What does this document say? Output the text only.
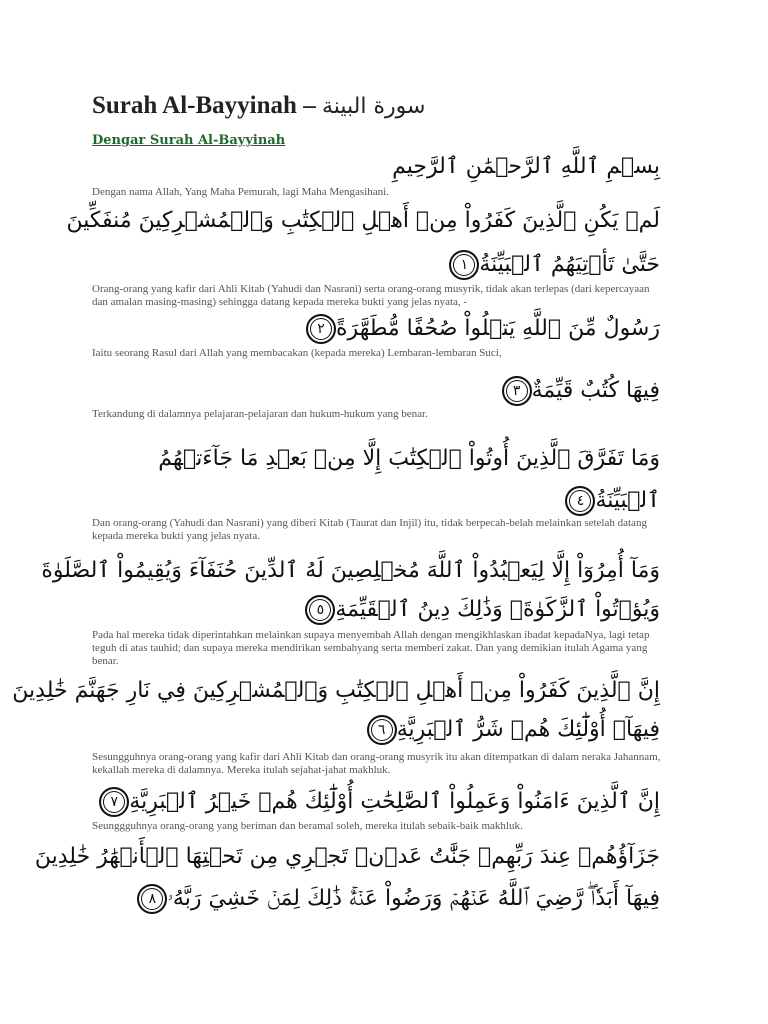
Surah Al-Bayyinah – سورة البينة
Dengar Surah Al-Bayyinah
بِسۡمِ ٱللَّهِ ٱلرَّحۡمَٰنِ ٱلرَّحِيمِ
Dengan nama Allah, Yang Maha Pemurah, lagi Maha Mengasihani.
لَمۡ يَكُنِ ٱلَّذِينَ كَفَرُواْ مِنۡ أَهۡلِ ٱلۡكِتَٰبِ وَٱلۡمُشۡرِكِينَ مُنفَكِّينَ
حَتَّىٰ تَأۡتِيَهُمُ ٱلۡبَيِّنَةُ١
Orang-orang yang kafir dari Ahli Kitab (Yahudi dan Nasrani) serta orang-orang musyrik, tidak akan terlepas (dari kepercayaan dan amalan masing-masing) sehingga datang kepada mereka bukti yang jelas nyata, -
رَسُولٌ مِّنَ ٱللَّهِ يَتۡلُواْ صُحُفًا مُّطَهَّرَةً٢
Iaitu seorang Rasul dari Allah yang membacakan (kepada mereka) Lembaran-lembaran Suci,
فِيهَا كُتُبٌ قَيِّمَةٌ٣
Terkandung di dalamnya pelajaran-pelajaran dan hukum-hukum yang benar.
وَمَا تَفَرَّقَ ٱلَّذِينَ أُوتُواْ ٱلۡكِتَٰبَ إِلَّا مِنۢ بَعۡدِ مَا جَآءَتۡهُمُ
ٱلۡبَيِّنَةُ٤
Dan orang-orang (Yahudi dan Nasrani) yang diberi Kitab (Taurat dan Injil) itu, tidak berpecah-belah melainkan setelah datang kepada mereka bukti yang jelas nyata.
وَمَآ أُمِرُوٓاْ إِلَّا لِيَعۡبُدُواْ ٱللَّهَ مُخۡلِصِينَ لَهُ ٱلدِّينَ حُنَفَآءَ وَيُقِيمُواْ ٱلصَّلَوٰةَ
وَيُؤۡتُواْ ٱلزَّكَوٰةَۚ وَذَٰلِكَ دِينُ ٱلۡقَيِّمَةِ٥
Pada hal mereka tidak diperintahkan melainkan supaya menyembah Allah dengan mengikhlaskan ibadat kepadaNya, lagi tetap teguh di atas tauhid; dan supaya mereka mendirikan sembahyang serta memberi zakat. Dan yang demikian itulah Agama yang benar.
إِنَّ ٱلَّذِينَ كَفَرُواْ مِنۡ أَهۡلِ ٱلۡكِتَٰبِ وَٱلۡمُشۡرِكِينَ فِي نَارِ جَهَنَّمَ خَٰلِدِينَ
فِيهَآۚ أُوْلَٰٓئِكَ هُمۡ شَرُّ ٱلۡبَرِيَّةِ٦
Sesungguhnya orang-orang yang kafir dari Ahli Kitab dan orang-orang musyrik itu akan ditempatkan di dalam neraka Jahannam, kekallah mereka di dalamnya. Mereka itulah sejahat-jahat makhluk.
إِنَّ ٱلَّذِينَ ءَامَنُواْ وَعَمِلُواْ ٱلصَّٰلِحَٰتِ أُوْلَٰٓئِكَ هُمۡ خَيۡرُ ٱلۡبَرِيَّةِ٧
Seunggguhnya orang-orang yang beriman dan beramal soleh, mereka itulah sebaik-baik makhluk.
جَزَآؤُهُمۡ عِندَ رَبِّهِمۡ جَنَّٰتُ عَدۡنٖ تَجۡرِي مِن تَحۡتِهَا ٱلۡأَنۡهَٰرُ خَٰلِدِينَ
فِيهَآ أَبَدٗاۖ رَّضِيَ ٱللَّهُ عَنۡهُمۡ وَرَضُواْ عَنۡهُۚ ذَٰلِكَ لِمَنۡ خَشِيَ رَبَّهُۥ٨
